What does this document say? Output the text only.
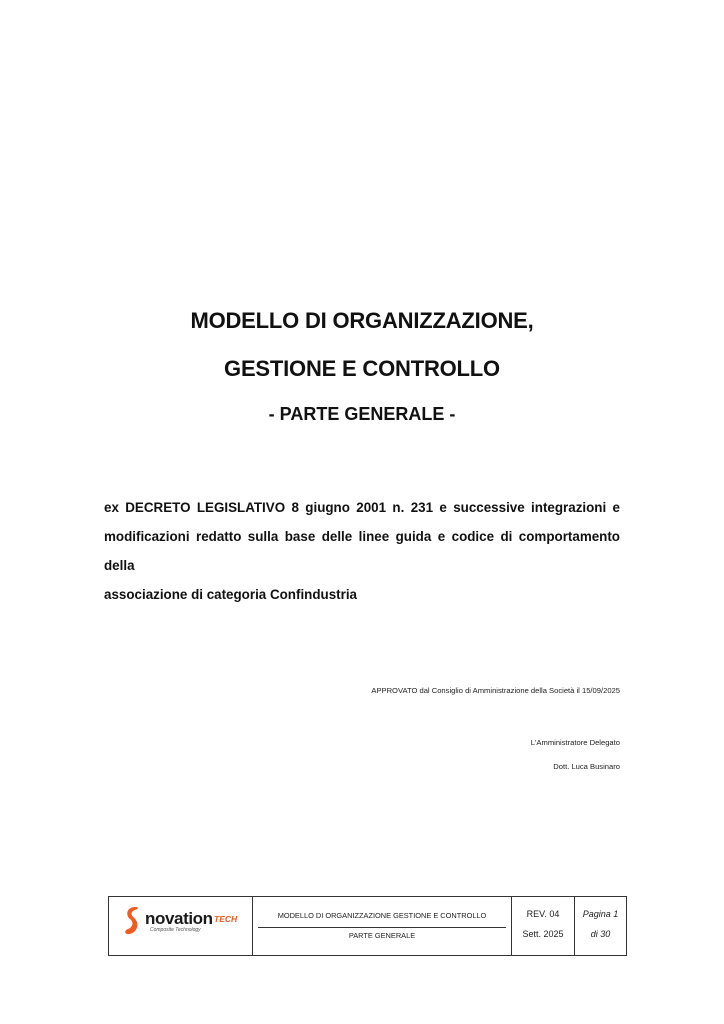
MODELLO DI ORGANIZZAZIONE,
GESTIONE E CONTROLLO
- PARTE GENERALE -

ex DECRETO LEGISLATIVO 8 giugno 2001 n. 231 e successive integrazioni e
modificazioni redatto sulla base delle linee guida e codice di comportamento della
associazione di categoria Confindustria

APPROVATO dal Consiglio di Amministrazione della Società il 15/09/2025
L'Amministratore Delegato
Dott. Luca Businaro
novation TECH
Composite Technology
MODELLO DI ORGANIZZAZIONE GESTIONE E CONTROLLO
PARTE GENERALE
REV. 04
Sett. 2025
Pagina 1
di 30
